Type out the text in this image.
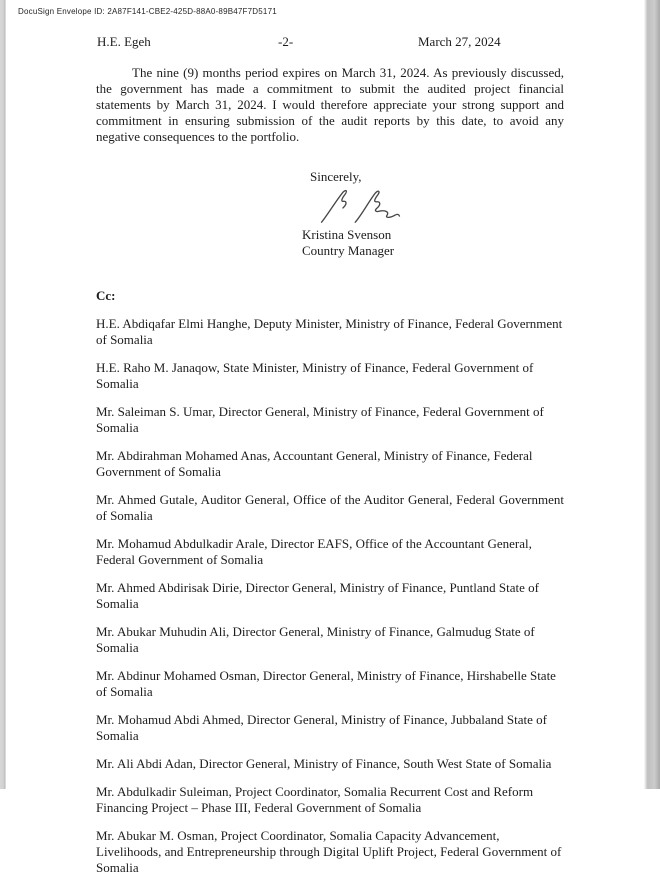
DocuSign Envelope ID: 2A87F141-CBE2-425D-88A0-89B47F7D5171
H.E. Egeh	-2-	March 27, 2024

The nine (9) months period expires on March 31, 2024. As previously discussed, the government has made a commitment to submit the audited project financial statements by March 31, 2024. I would therefore appreciate your strong support and commitment in ensuring submission of the audit reports by this date, to avoid any negative consequences to the portfolio.

Sincerely,

Kristina Svenson

Country Manager

Cc:

H.E. Abdiqafar Elmi Hanghe, Deputy Minister, Ministry of Finance, Federal Government of Somalia

H.E. Raho M. Janaqow, State Minister, Ministry of Finance, Federal Government of Somalia

Mr. Saleiman S. Umar, Director General, Ministry of Finance, Federal Government of Somalia

Mr. Abdirahman Mohamed Anas, Accountant General, Ministry of Finance, Federal Government of Somalia

Mr. Ahmed Gutale, Auditor General, Office of the Auditor General, Federal Government of Somalia

Mr. Mohamud Abdulkadir Arale, Director EAFS, Office of the Accountant General, Federal Government of Somalia

Mr. Ahmed Abdirisak Dirie, Director General, Ministry of Finance, Puntland State of Somalia

Mr. Abukar Muhudin Ali, Director General, Ministry of Finance, Galmudug State of Somalia

Mr. Abdinur Mohamed Osman, Director General, Ministry of Finance, Hirshabelle State of Somalia

Mr. Mohamud Abdi Ahmed, Director General, Ministry of Finance, Jubbaland State of Somalia

Mr. Ali Abdi Adan, Director General, Ministry of Finance, South West State of Somalia

Mr. Abdulkadir Suleiman, Project Coordinator, Somalia Recurrent Cost and Reform Financing Project – Phase III, Federal Government of Somalia

Mr. Abukar M. Osman, Project Coordinator, Somalia Capacity Advancement, Livelihoods, and Entrepreneurship through Digital Uplift Project, Federal Government of Somalia
